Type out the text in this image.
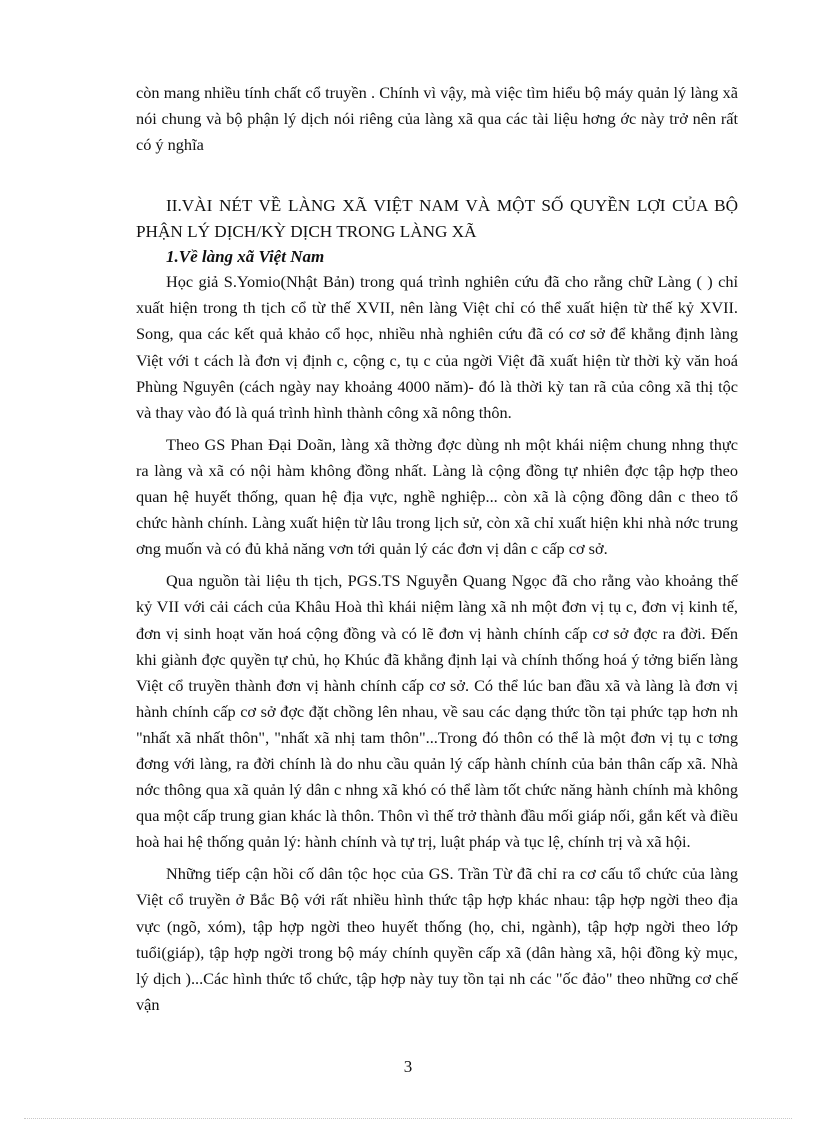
còn mang nhiều tính chất cổ truyền . Chính vì vậy, mà việc tìm hiểu bộ máy quản lý làng xã nói chung và bộ phận lý dịch nói riêng của làng xã qua các tài liệu hơng ớc này trở nên rất có ý nghĩa

II.VÀI NÉT VỀ LÀNG XÃ VIỆT NAM VÀ MỘT SỐ QUYỀN LỢI CỦA BỘ PHẬN LÝ DỊCH/KỲ DỊCH TRONG LÀNG XÃ
1.Về làng xã Việt Nam

Học giả S.Yomio(Nhật Bản) trong quá trình nghiên cứu đã cho rằng chữ Làng ( ) chỉ xuất hiện trong th tịch cổ từ thế XVII, nên làng Việt chỉ có thể xuất hiện từ thế kỷ XVII. Song, qua các kết quả khảo cổ học, nhiều nhà nghiên cứu đã có cơ sở để khẳng định làng Việt với t cách là đơn vị định c, cộng c, tụ c của ngời Việt đã xuất hiện từ thời kỳ văn hoá Phùng Nguyên (cách ngày nay khoảng 4000 năm)- đó là thời kỳ tan rã của công xã thị tộc và thay vào đó là quá trình hình thành công xã nông thôn.

Theo GS Phan Đại Doãn, làng xã thờng đợc dùng nh một khái niệm chung nhng thực ra làng và xã có nội hàm không đồng nhất. Làng là cộng đồng tự nhiên đợc tập hợp theo quan hệ huyết thống, quan hệ địa vực, nghề nghiệp... còn xã là cộng đồng dân c theo tổ chức hành chính. Làng xuất hiện từ lâu trong lịch sử, còn xã chỉ xuất hiện khi nhà nớc trung ơng muốn và có đủ khả năng vơn tới quản lý các đơn vị dân c cấp cơ sở.

Qua nguồn tài liệu th tịch, PGS.TS Nguyễn Quang Ngọc đã cho rằng vào khoảng thế kỷ VII với cải cách của Khâu Hoà thì khái niệm làng xã nh một đơn vị tụ c, đơn vị kinh tế, đơn vị sinh hoạt văn hoá cộng đồng và có lẽ đơn vị hành chính cấp cơ sở đợc ra đời. Đến khi giành đợc quyền tự chủ, họ Khúc đã khẳng định lại và chính thống hoá ý tởng biến làng Việt cổ truyền thành đơn vị hành chính cấp cơ sở. Có thể lúc ban đầu xã và làng là đơn vị hành chính cấp cơ sở đợc đặt chồng lên nhau, về sau các dạng thức tồn tại phức tạp hơn nh "nhất xã nhất thôn", "nhất xã nhị tam thôn"...Trong đó thôn có thể là một đơn vị tụ c tơng đơng với làng, ra đời chính là do nhu cầu quản lý cấp hành chính của bản thân cấp xã. Nhà nớc thông qua xã quản lý dân c nhng xã khó có thể làm tốt chức năng hành chính mà không qua một cấp trung gian khác là thôn. Thôn vì thế trở thành đầu mối giáp nối, gắn kết và điều hoà hai hệ thống quản lý: hành chính và tự trị, luật pháp và tục lệ, chính trị và xã hội.

Những tiếp cận hồi cố dân tộc học của GS. Trần Từ đã chỉ ra cơ cấu tổ chức của làng Việt cổ truyền ở Bắc Bộ với rất nhiều hình thức tập hợp khác nhau: tập hợp ngời theo địa vực (ngõ, xóm), tập hợp ngời theo huyết thống (họ, chi, ngành), tập hợp ngời theo lớp tuổi(giáp), tập hợp ngời trong bộ máy chính quyền cấp xã (dân hàng xã, hội đồng kỳ mục, lý dịch )...Các hình thức tổ chức, tập hợp này tuy tồn tại nh các "ốc đảo" theo những cơ chế vận

3
